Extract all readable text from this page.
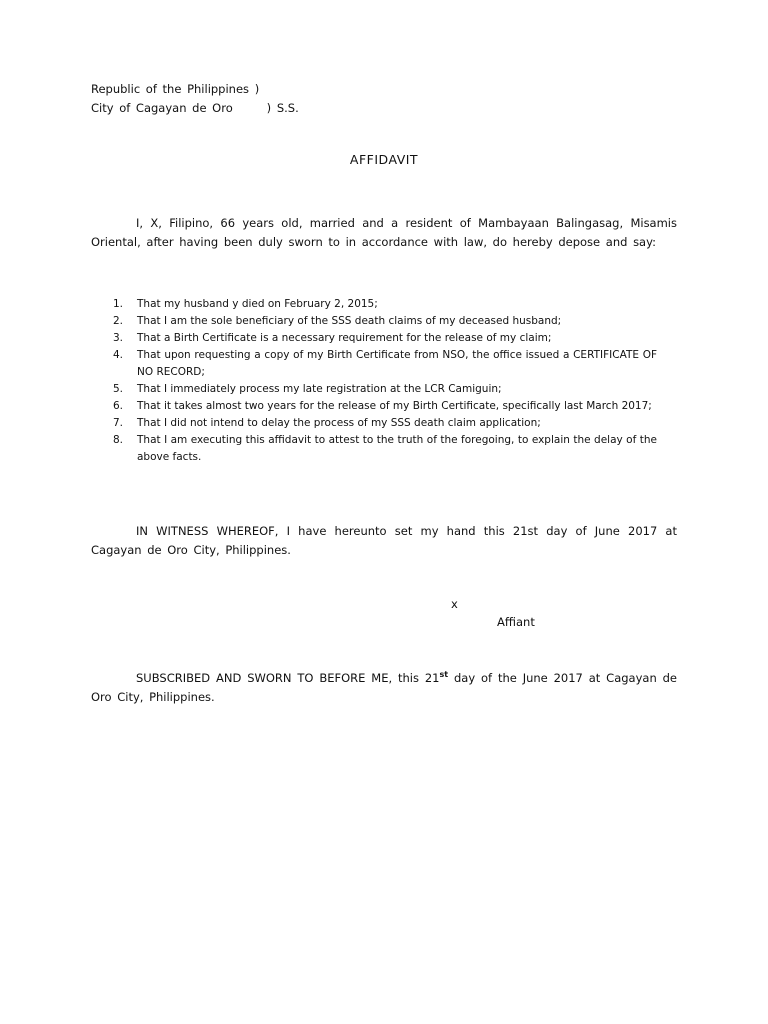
Republic of the Philippines )
City of Cagayan de Oro      ) S.S.
AFFIDAVIT
I, X, Filipino, 66 years old, married and a resident of Mambayaan Balingasag, Misamis Oriental, after having been duly sworn to in accordance with law, do hereby depose and say:
1. That my husband y died on February 2, 2015;
2. That I am the sole beneficiary of the SSS death claims of my deceased husband;
3. That a Birth Certificate is a necessary requirement for the release of my claim;
4. That upon requesting a copy of my Birth Certificate from NSO, the office issued a CERTIFICATE OF NO RECORD;
5. That I immediately process my late registration at the LCR Camiguin;
6. That it takes almost two years for the release of my Birth Certificate, specifically last March 2017;
7. That I did not intend to delay the process of my SSS death claim application;
8. That I am executing this affidavit to attest to the truth of the foregoing, to explain the delay of the above facts.
IN WITNESS WHEREOF, I have hereunto set my hand this 21st day of June 2017 at Cagayan de Oro City, Philippines.
x
Affiant
SUBSCRIBED AND SWORN TO BEFORE ME, this 21st day of the June 2017 at Cagayan de Oro City, Philippines.
